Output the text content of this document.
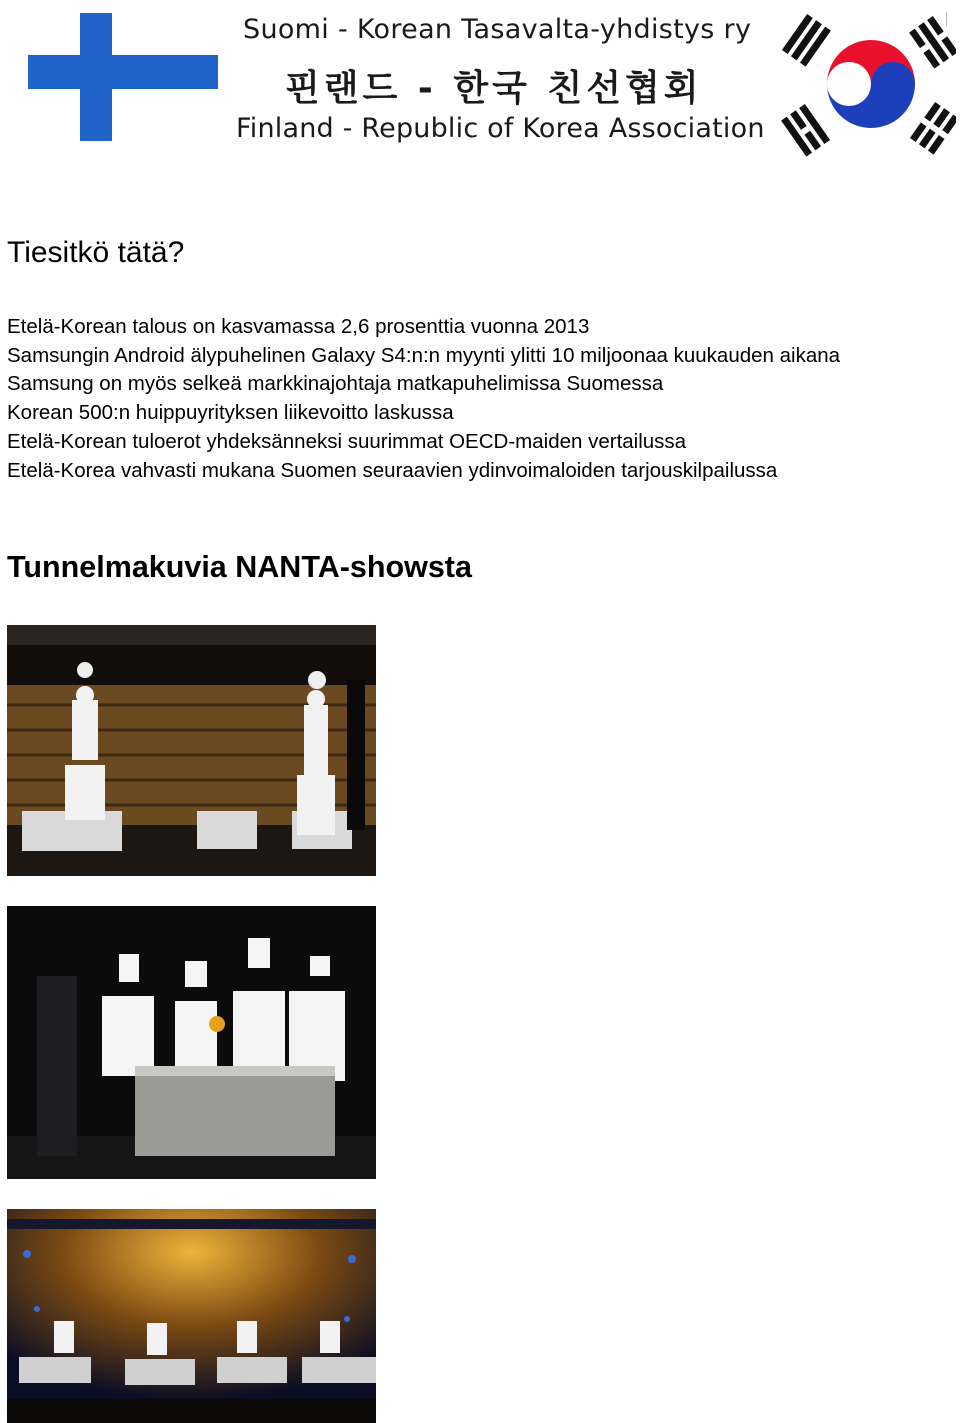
Suomi - Korean Tasavalta-yhdistys ry
핀랜드 - 한국 친선협회
Finland - Republic of Korea Association
Tiesitkö tätä?
Etelä-Korean talous on kasvamassa 2,6 prosenttia vuonna 2013
Samsungin Android älypuhelinen Galaxy S4:n:n myynti ylitti 10 miljoonaa kuukauden aikana
Samsung on myös selkeä markkinajohtaja matkapuhelimissa Suomessa
Korean 500:n huippuyrityksen liikevoitto laskussa
Etelä-Korean tuloerot yhdeksänneksi suurimmat OECD-maiden vertailussa
Etelä-Korea vahvasti mukana Suomen seuraavien ydinvoimaloiden tarjouskilpailussa
Tunnelmakuvia NANTA-showsta
